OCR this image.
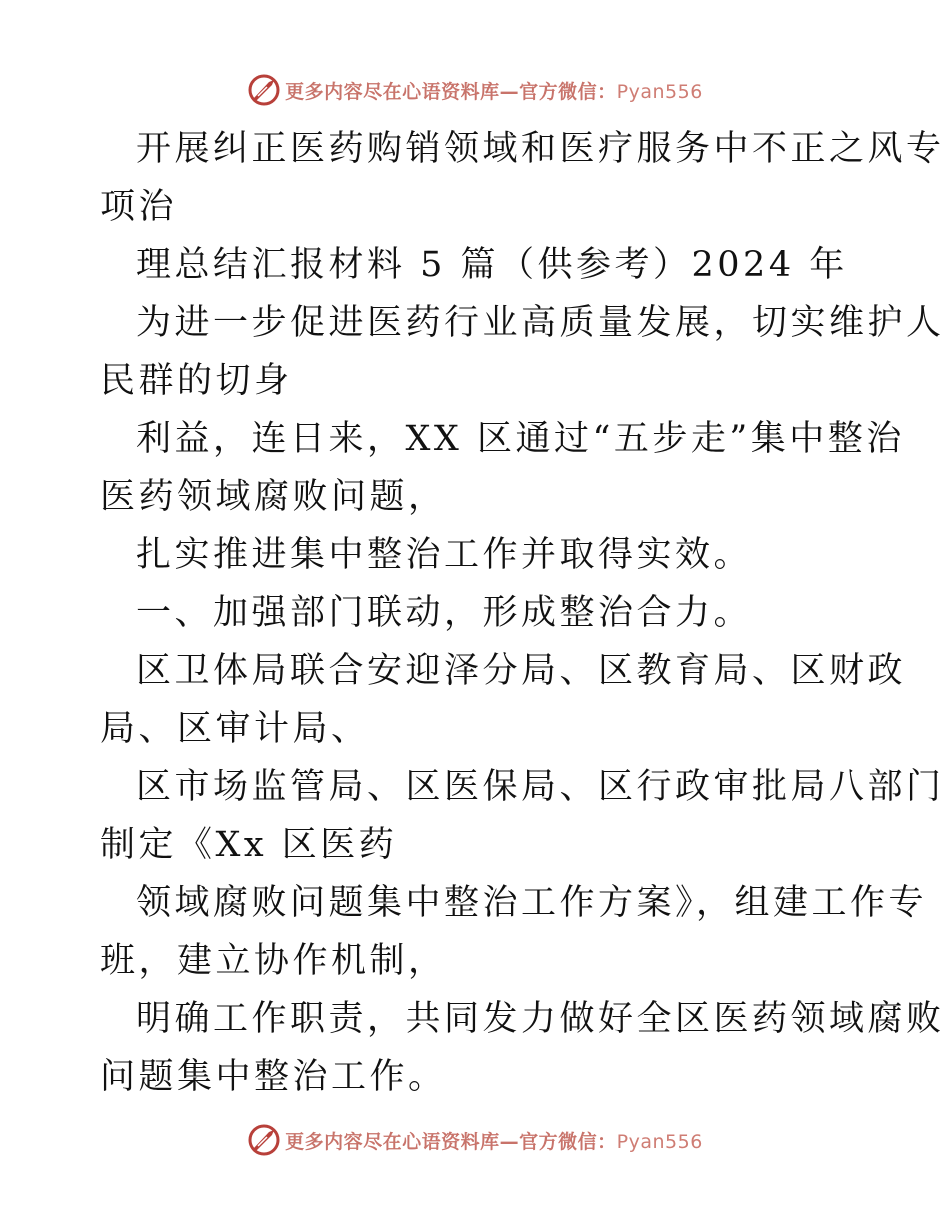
更多内容尽在心语资料库—官方微信：Pyan556
开展纠正医药购销领域和医疗服务中不正之风专
项治
理总结汇报材料 5 篇（供参考）2024 年
为进一步促进医药行业高质量发展，切实维护人
民群的切身
利益，连日来，XX 区通过“五步走”集中整治
医药领域腐败问题，
扎实推进集中整治工作并取得实效。
一、加强部门联动，形成整治合力。
区卫体局联合安迎泽分局、区教育局、区财政
局、区审计局、
区市场监管局、区医保局、区行政审批局八部门
制定《Xx 区医药
领域腐败问题集中整治工作方案》，组建工作专
班，建立协作机制，
明确工作职责，共同发力做好全区医药领域腐败
问题集中整治工作。
更多内容尽在心语资料库—官方微信：Pyan556
